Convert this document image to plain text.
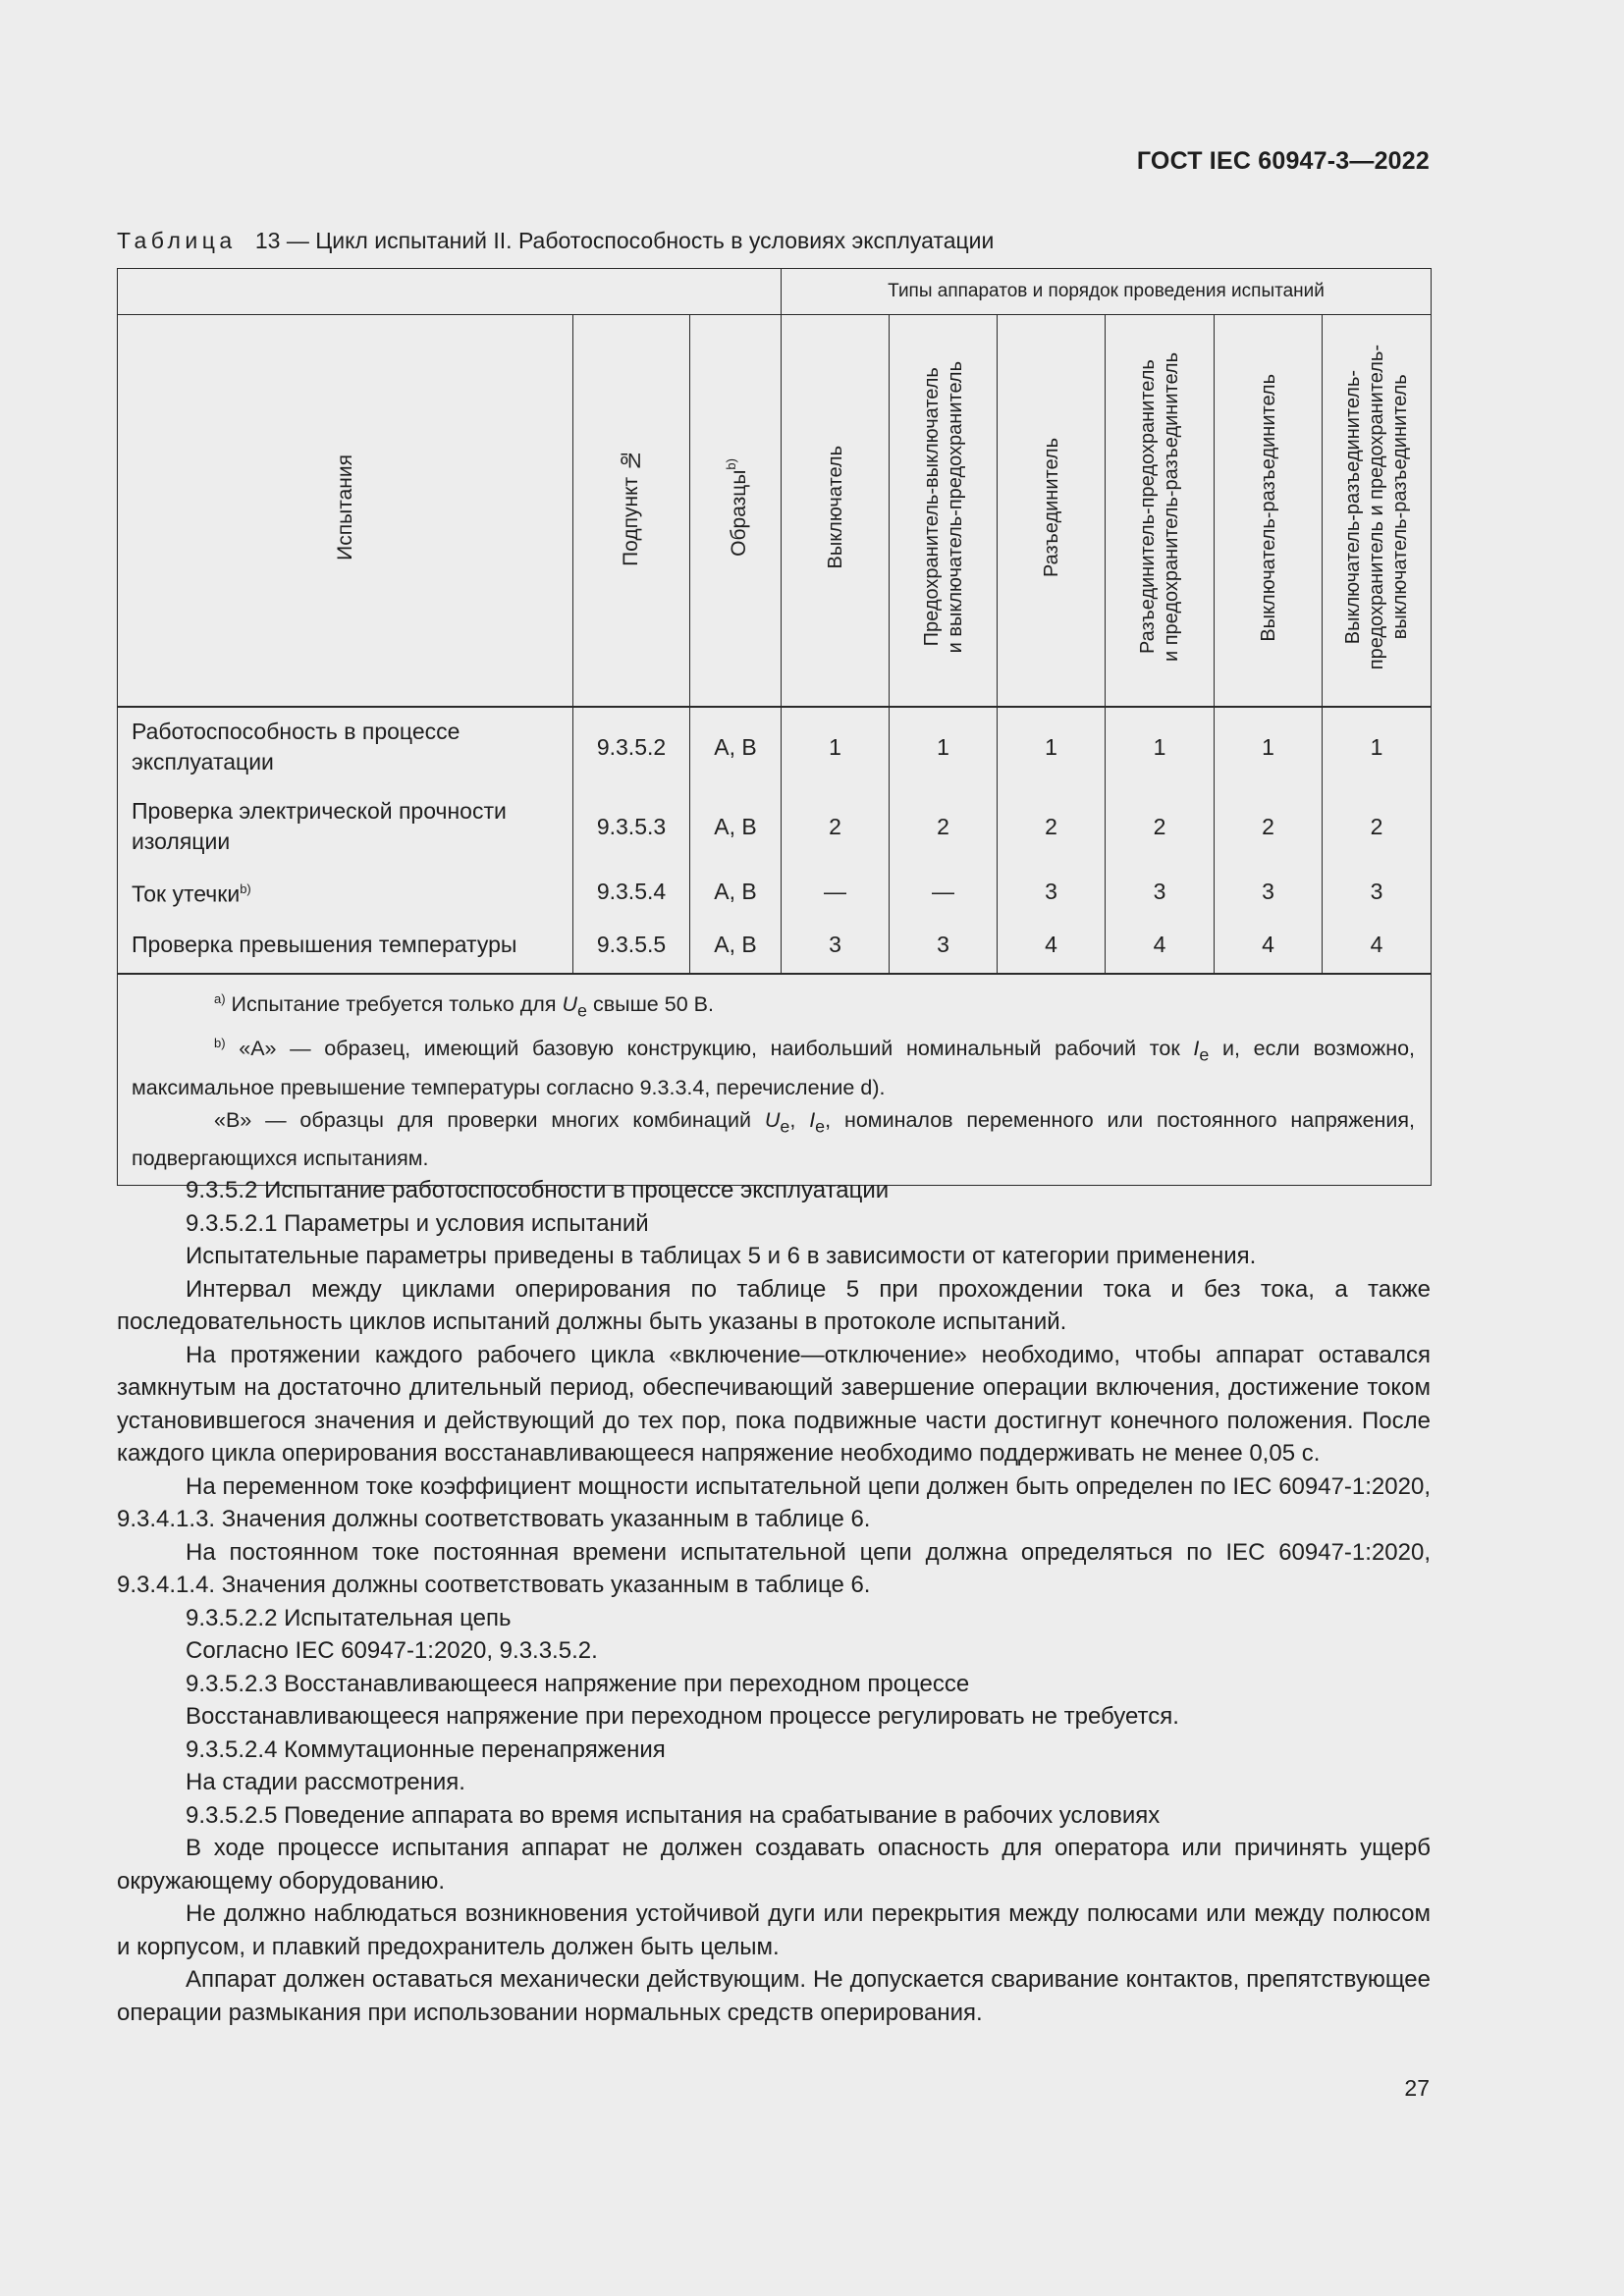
ГОСТ IEC 60947-3—2022
Таблица 13 — Цикл испытаний II. Работоспособность в условиях эксплуатации
			Типы аппаратов и порядок проведения испытаний					
Испытания	Подпункт №	Образцы$^{b)}$	Выключатель	Предохранитель-выключатель и выключатель-предохранитель	Разъединитель	Разъединитель-предохранитель и предохранитель-разъединитель	Выключатель-разъединитель	Выключатель-разъединитель- предохранитель и предохранитель- выключатель-разъединитель
Работоспособность в процессе эксплуатации	9.3.5.2	А, В	1	1	1	1	1	1
Проверка электрической прочности изоляции	9.3.5.3	А, В	2	2	2	2	2	2
Ток утечки$^{b)}$	9.3.5.4	А, В	—	—	3	3	3	3
Проверка превышения температуры	9.3.5.5	А, В	3	3	4	4	4	4

$^{a)}$ Испытание требуется только для $U_e$ свыше 50 В.

$^{b)}$ «А» — образец, имеющий базовую конструкцию, наибольший номинальный рабочий ток $I_e$ и, если возможно, максимальное превышение температуры согласно 9.3.3.4, перечисление d).

«В» — образцы для проверки многих комбинаций $U_e$, $I_e$, номиналов переменного или постоянного напряжения, подвергающихся испытаниям.								

9.3.5.2 Испытание работоспособности в процессе эксплуатации

9.3.5.2.1 Параметры и условия испытаний

Испытательные параметры приведены в таблицах 5 и 6 в зависимости от категории применения.

Интервал между циклами оперирования по таблице 5 при прохождении тока и без тока, а также последовательность циклов испытаний должны быть указаны в протоколе испытаний.

На протяжении каждого рабочего цикла «включение—отключение» необходимо, чтобы аппарат оставался замкнутым на достаточно длительный период, обеспечивающий завершение операции включения, достижение током установившегося значения и действующий до тех пор, пока подвижные части достигнут конечного положения. После каждого цикла оперирования восстанавливающееся напряжение необходимо поддерживать не менее 0,05 с.

На переменном токе коэффициент мощности испытательной цепи должен быть определен по IEC 60947-1:2020, 9.3.4.1.3. Значения должны соответствовать указанным в таблице 6.

На постоянном токе постоянная времени испытательной цепи должна определяться по IEC 60947-1:2020, 9.3.4.1.4. Значения должны соответствовать указанным в таблице 6.

9.3.5.2.2 Испытательная цепь

Согласно IEC 60947-1:2020, 9.3.3.5.2.

9.3.5.2.3 Восстанавливающееся напряжение при переходном процессе

Восстанавливающееся напряжение при переходном процессе регулировать не требуется.

9.3.5.2.4 Коммутационные перенапряжения

На стадии рассмотрения.

9.3.5.2.5 Поведение аппарата во время испытания на срабатывание в рабочих условиях

В ходе процессе испытания аппарат не должен создавать опасность для оператора или причинять ущерб окружающему оборудованию.

Не должно наблюдаться возникновения устойчивой дуги или перекрытия между полюсами или между полюсом и корпусом, и плавкий предохранитель должен быть целым.

Аппарат должен оставаться механически действующим. Не допускается сваривание контактов, препятствующее операции размыкания при использовании нормальных средств оперирования.

27
